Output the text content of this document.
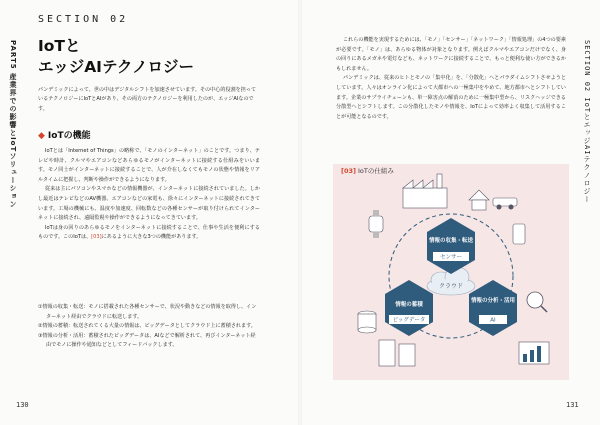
SECTION 02
PART5 産業界での影響とIoTソリューション IoTと
エッジAIテクノロジー
パンデミックによって、世の中はデジタルシフトを加速させています。その中心的役割を担っているテクノロジーにIoTとAIがあり、その両方のテクノロジーを利用したのが、エッジAIなのです。
◆ IoTの機能

IoTとは「Internet of Things」の略称で、「モノのインターネット」のことです。つまり、テレビや時計、クルマやエアコンなどあらゆるモノがインターネットに接続する仕組みをいいます。モノ同士がインターネットに接続することで、人が介在しなくてもモノの状態や情報をリアルタイムに把握し、判断や操作ができるようになります。

従来は主にパソコンやスマホなどの情報機器が、インターネットに接続されていました。しかし最近はテレビなどのAV機器、エアコンなどの家電も、徐々にインターネットに接続されてきています。工場の機械にも、温度や加速度、回転数などの各種センサーが取り付けられてインターネットに接続され、遠隔監視や操作ができるようになってきています。

IoTは身の回りのあらゆるモノをインターネットに接続することで、仕事や生活を便利にするものです。このIoTは、[03]にあるように大きな3つの機能があります。

①情報の収集・転送：モノに搭載された各種センサーで、状況や動きなどの情報を取得し、インターネット経由でクラウドに転送します。
②情報の蓄積：転送されてくる大量の情報は、ビッグデータとしてクラウド上に蓄積されます。
③情報の分析・活用：蓄積されたビッグデータは、AIなどで解析されて、再びインターネット経由でモノに操作や通知などとしてフィードバックします。
130
SECTION 02 IoTとエッジAIテクノロジー

これらの機能を実現するためには、「モノ」「センサー」「ネットワーク」「情報処理」の4つの要素が必要です。「モノ」は、あらゆる物体が対象となります。例えばクルマやエアコンだけでなく、身の回りにあるメガネや電灯なども、ネットワークに接続することで、もっと便利な使い方ができるかもしれません。

パンデミックは、従来のヒトとモノの「集中化」を、「分散化」へとパラダイムシフトさせようとしています。人々はオンライン化によって大都市への一極集中をやめて、地方都市へとシフトしています。企業のサプライチェーンも、単一障害点の解消のために一極集中型から、リスクヘッジできる分散型へとシフトします。この分散化したモノや情報を、IoTによって効率よく収集して活用することが可能となるのです。

131
クラウド
情報の収集・転送
センサー
情報の蓄積
ビッグデータ
情報の分析・活用
AI
[03] IoTの仕組み
